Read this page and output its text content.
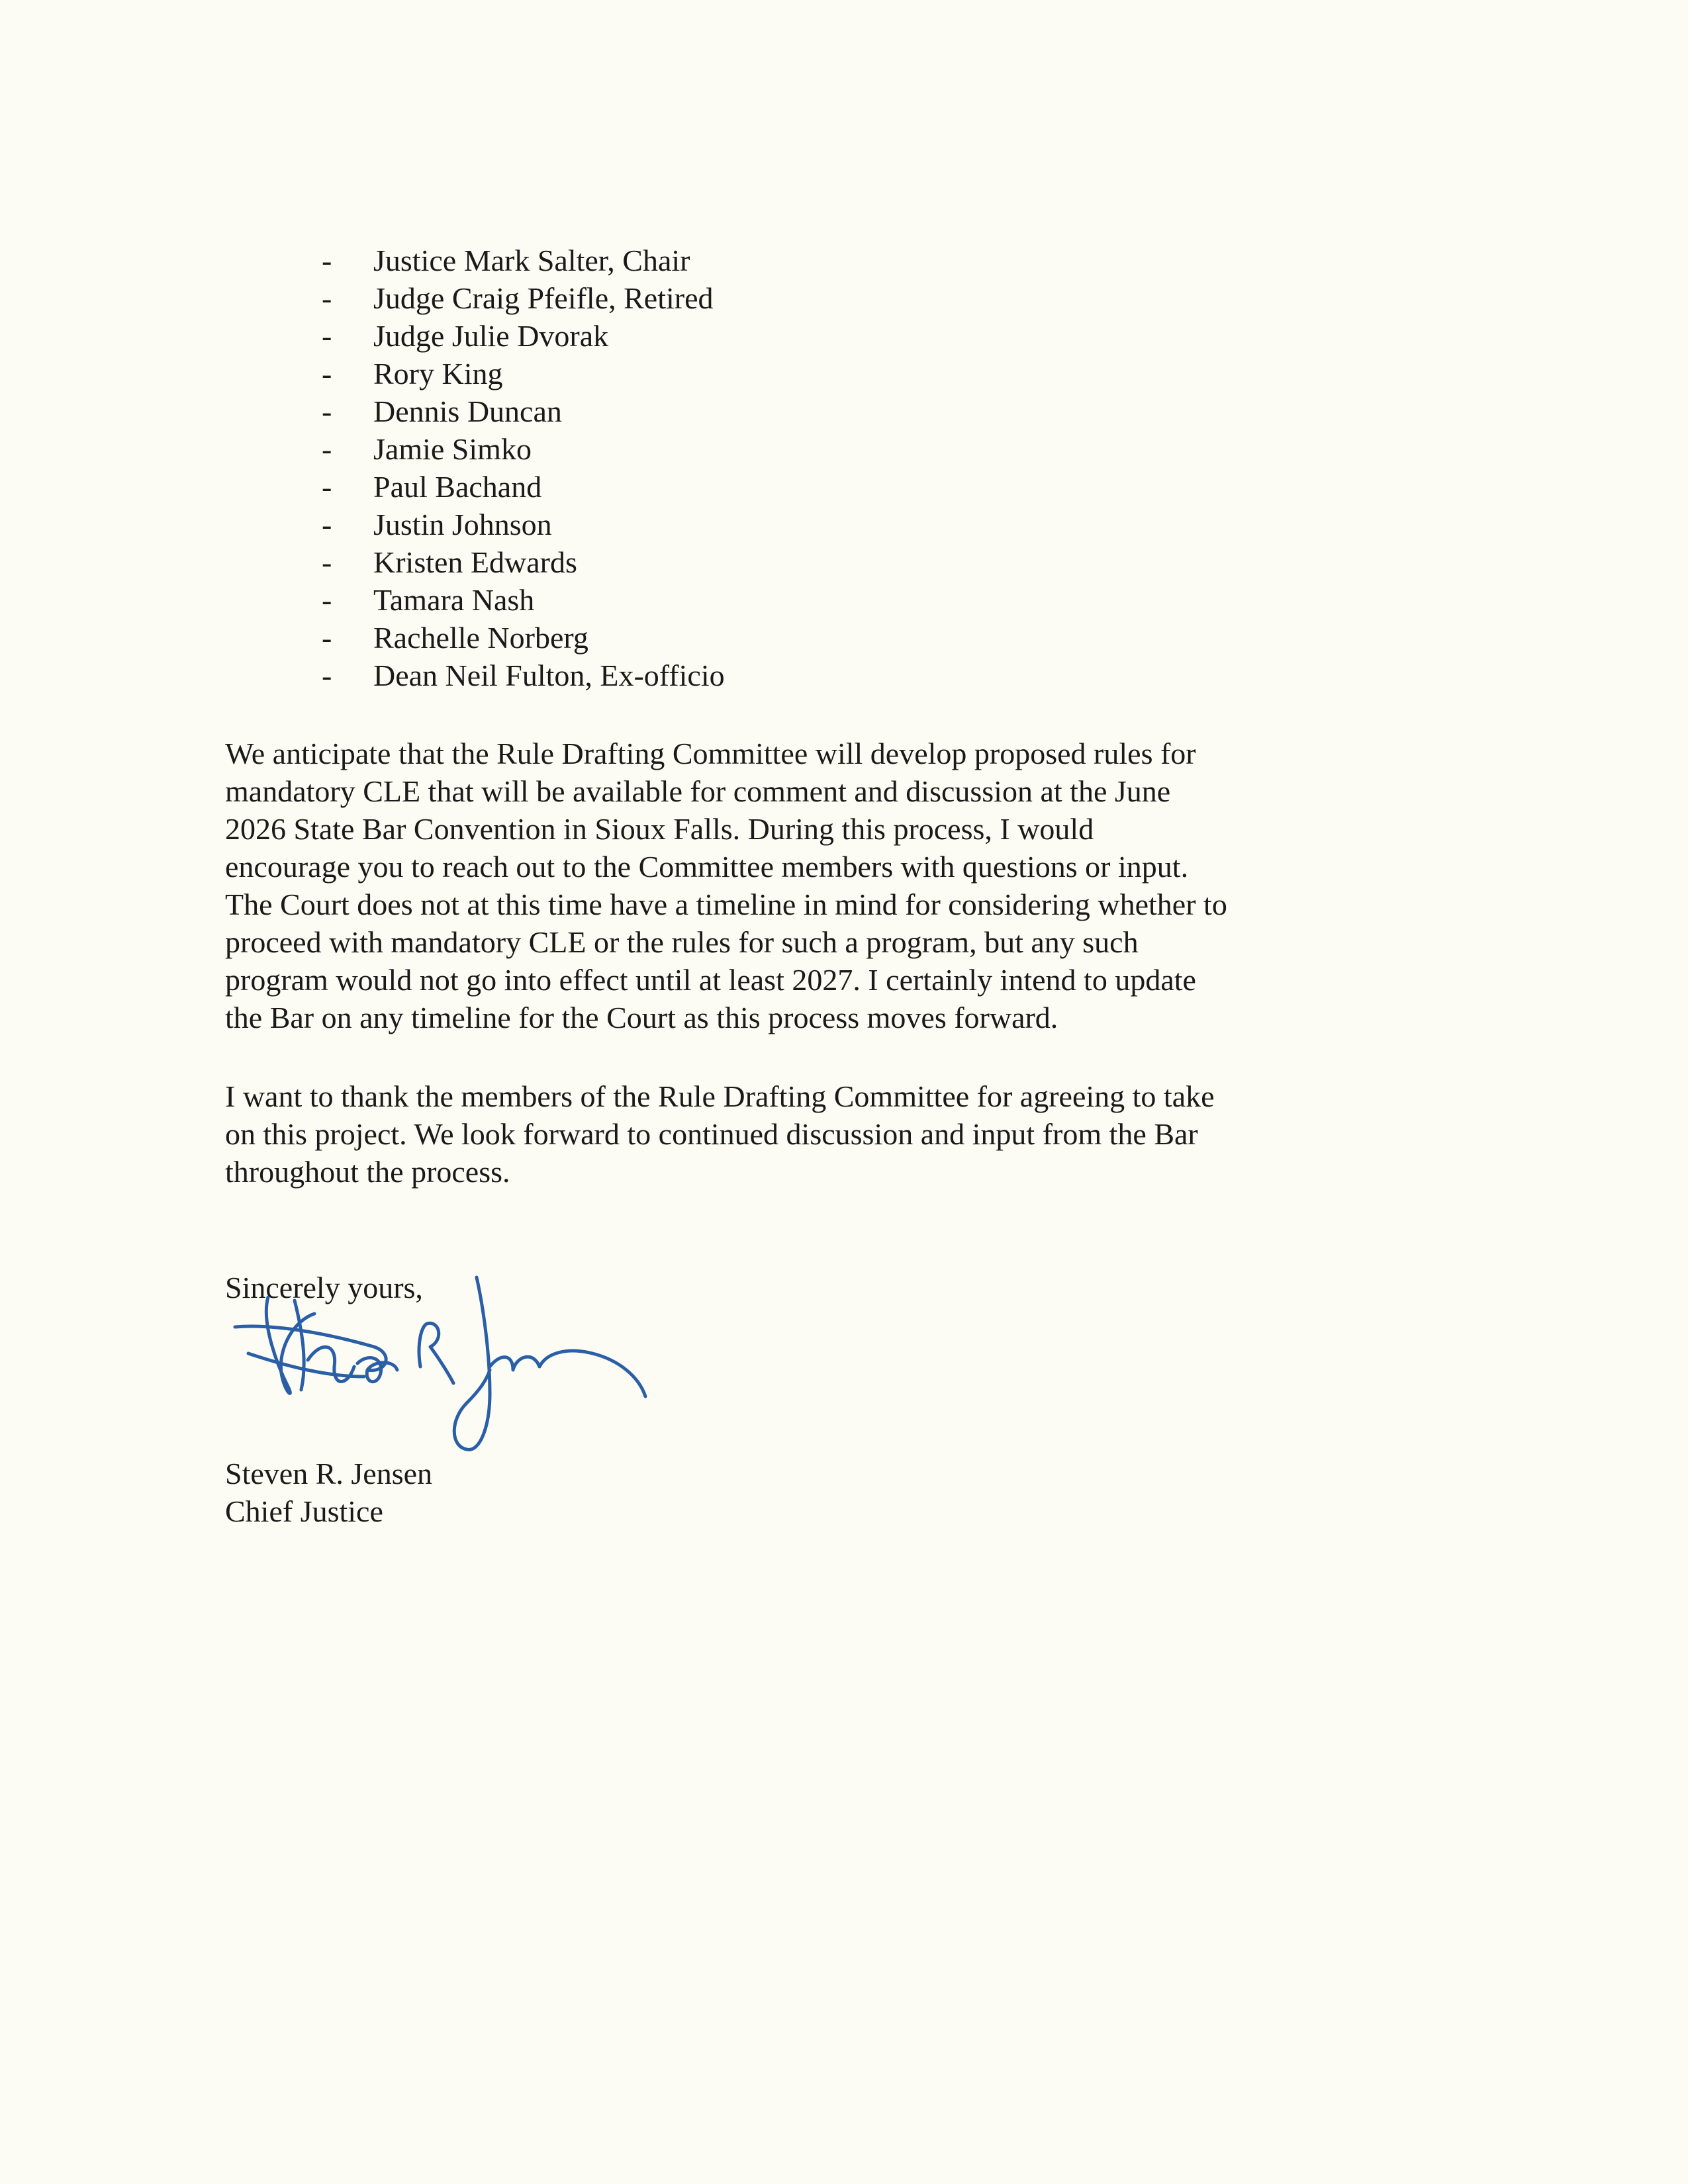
- Justice Mark Salter, Chair
- Judge Craig Pfeifle, Retired
- Judge Julie Dvorak
- Rory King
- Dennis Duncan
- Jamie Simko
- Paul Bachand
- Justin Johnson
- Kristen Edwards
- Tamara Nash
- Rachelle Norberg
- Dean Neil Fulton, Ex-officio

We anticipate that the Rule Drafting Committee will develop proposed rules for
mandatory CLE that will be available for comment and discussion at the June
2026 State Bar Convention in Sioux Falls. During this process, I would
encourage you to reach out to the Committee members with questions or input.
The Court does not at this time have a timeline in mind for considering whether to
proceed with mandatory CLE or the rules for such a program, but any such
program would not go into effect until at least 2027. I certainly intend to update
the Bar on any timeline for the Court as this process moves forward.

I want to thank the members of the Rule Drafting Committee for agreeing to take
on this project. We look forward to continued discussion and input from the Bar
throughout the process.

Sincerely yours,
Steven R. Jensen
Chief Justice
